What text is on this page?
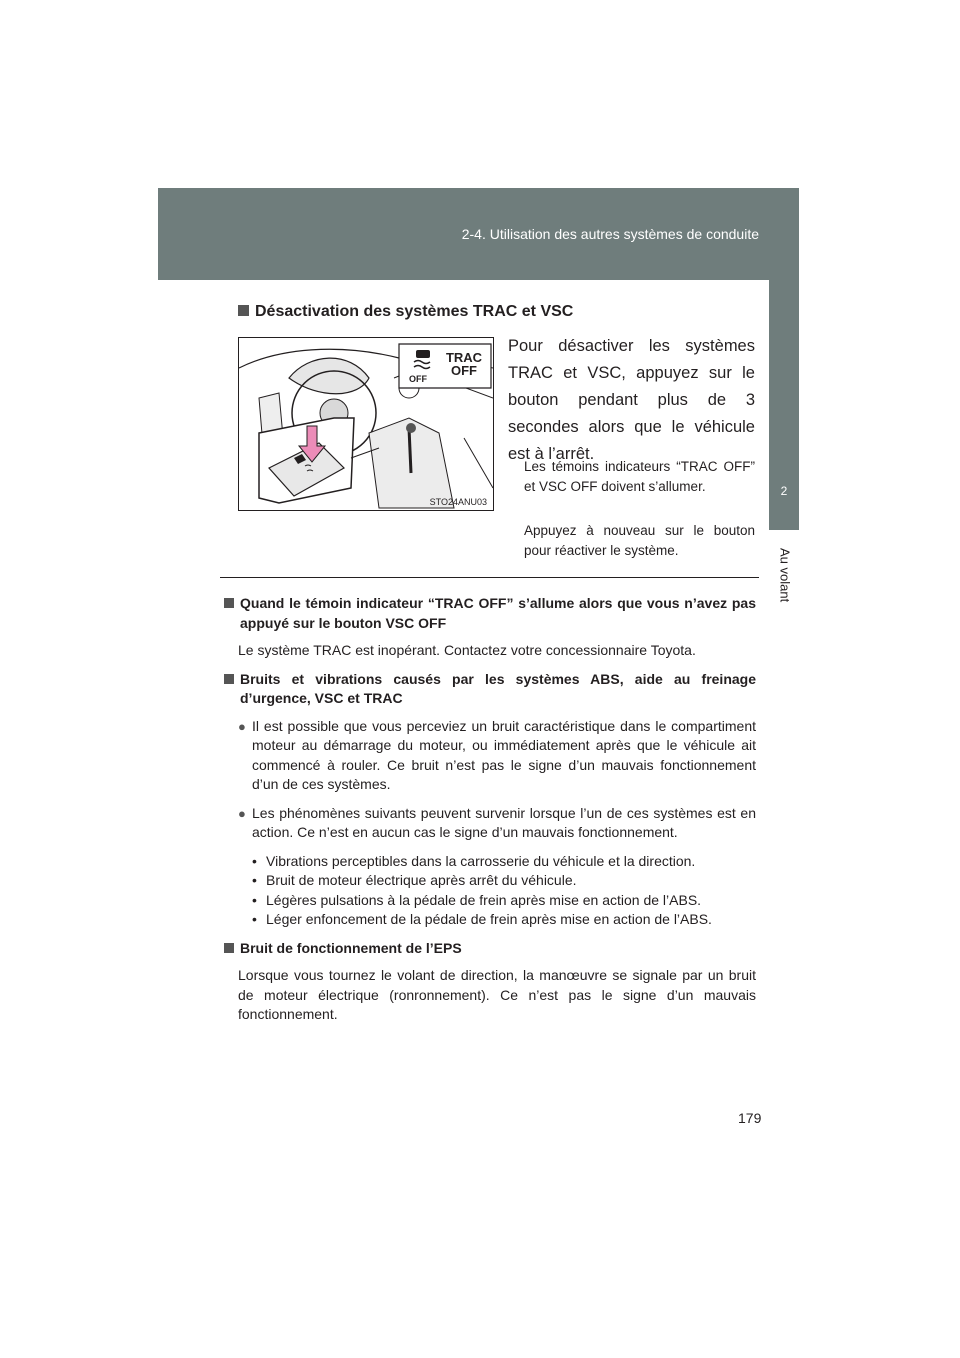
2-4. Utilisation des autres systèmes de conduite
2
Au volant
Désactivation des systèmes TRAC et VSC
STO24ANU03
TRAC
OFF
OFF
Pour désactiver les systèmes TRAC et VSC, appuyez sur le bouton pendant plus de 3 secondes alors que le véhicule est à l’arrêt.
Les témoins indicateurs “TRAC OFF” et VSC OFF doivent s’allumer.
Appuyez à nouveau sur le bouton pour réactiver le système.
Quand le témoin indicateur “TRAC OFF” s’allume alors que vous n’avez pas appuyé sur le bouton VSC OFF
Le système TRAC est inopérant. Contactez votre concessionnaire Toyota.
Bruits et vibrations causés par les systèmes ABS, aide au freinage d’urgence, VSC et TRAC
● Il est possible que vous perceviez un bruit caractéristique dans le compartiment moteur au démarrage du moteur, ou immédiatement après que le véhicule ait commencé à rouler. Ce bruit n’est pas le signe d’un mauvais fonctionnement d’un de ces systèmes.
● Les phénomènes suivants peuvent survenir lorsque l’un de ces systèmes est en action. Ce n’est en aucun cas le signe d’un mauvais fonctionnement.
• Vibrations perceptibles dans la carrosserie du véhicule et la direction.
• Bruit de moteur électrique après arrêt du véhicule.
• Légères pulsations à la pédale de frein après mise en action de l’ABS.
• Léger enfoncement de la pédale de frein après mise en action de l’ABS.
Bruit de fonctionnement de l’EPS
Lorsque vous tournez le volant de direction, la manœuvre se signale par un bruit de moteur électrique (ronronnement). Ce n’est pas le signe d’un mauvais fonctionnement.
179
